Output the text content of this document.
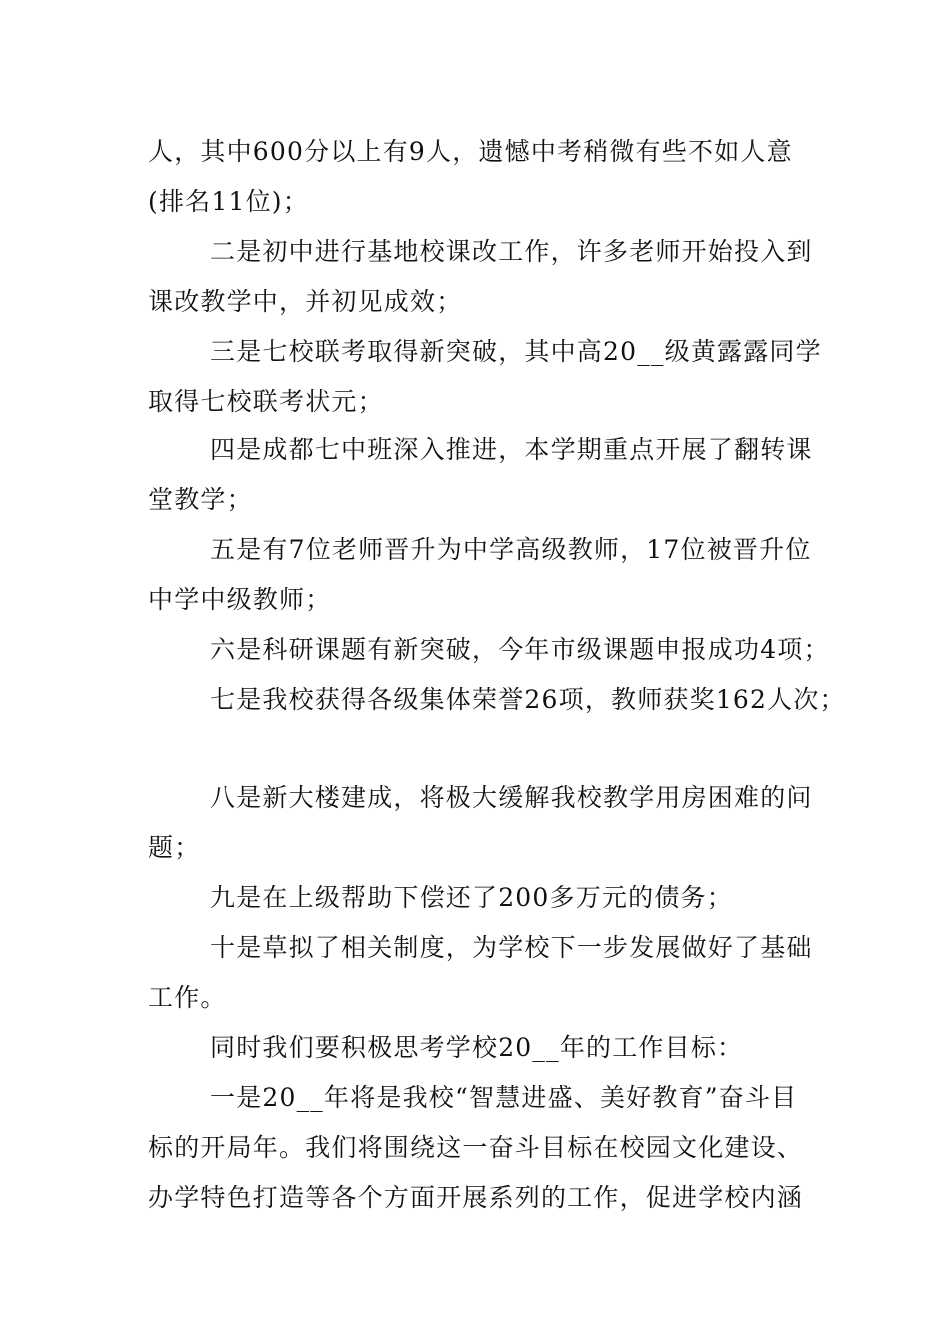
人，其中600分以上有9人，遗憾中考稍微有些不如人意
(排名11位)；
二是初中进行基地校课改工作，许多老师开始投入到
课改教学中，并初见成效；
三是七校联考取得新突破，其中高20__级黄露露同学
取得七校联考状元；
四是成都七中班深入推进，本学期重点开展了翻转课
堂教学；
五是有7位老师晋升为中学高级教师，17位被晋升位
中学中级教师；
六是科研课题有新突破，今年市级课题申报成功4项；
七是我校获得各级集体荣誉26项，教师获奖162人次；
八是新大楼建成，将极大缓解我校教学用房困难的问
题；
九是在上级帮助下偿还了200多万元的债务；
十是草拟了相关制度，为学校下一步发展做好了基础
工作。
同时我们要积极思考学校20__年的工作目标：
一是20__年将是我校“智慧进盛、美好教育”奋斗目
标的开局年。我们将围绕这一奋斗目标在校园文化建设、
办学特色打造等各个方面开展系列的工作，促进学校内涵
